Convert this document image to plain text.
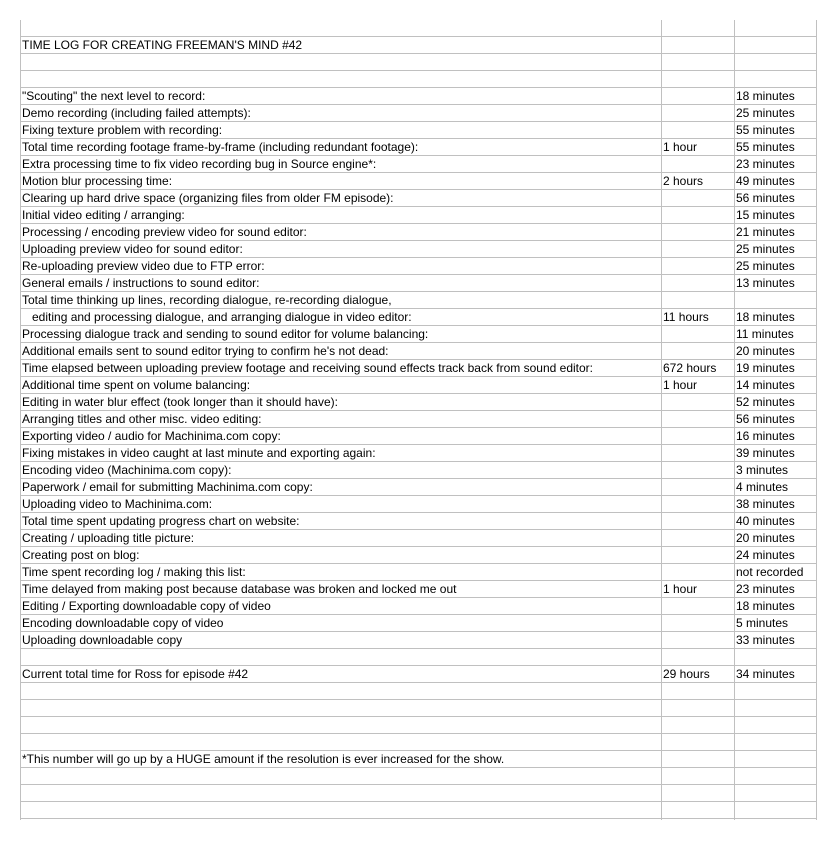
TIME LOG FOR CREATING FREEMAN'S MIND #42
"Scouting" the next level to record:	18 minutes
Demo recording (including failed attempts):	25 minutes
Fixing texture problem with recording:	55 minutes
Total time recording footage frame-by-frame (including redundant footage):	1 hour	55 minutes
Extra processing time to fix video recording bug in Source engine*:	23 minutes
Motion blur processing time:	2 hours	49 minutes
Clearing up hard drive space (organizing files from older FM episode):	56 minutes
Initial video editing / arranging:	15 minutes
Processing / encoding preview video for sound editor:	21 minutes
Uploading preview video for sound editor:	25 minutes
Re-uploading preview video due to FTP error:	25 minutes
General emails / instructions to sound editor:	13 minutes
Total time thinking up lines, recording dialogue, re-recording dialogue,
editing and processing dialogue, and arranging dialogue in video editor:	11 hours 18 minutes
Processing dialogue track and sending to sound editor for volume balancing:	11 minutes
Additional emails sent to sound editor trying to confirm he's not dead:	20 minutes
Time elapsed between uploading preview footage and receiving sound effects track back from sound editor:	672 hours 19 minutes
Additional time spent on volume balancing:	1 hour	14 minutes
Editing in water blur effect (took longer than it should have):	52 minutes
Arranging titles and other misc. video editing:	56 minutes
Exporting video / audio for Machinima.com copy:	16 minutes
Fixing mistakes in video caught at last minute and exporting again:	39 minutes
Encoding video (Machinima.com copy):	3 minutes
Paperwork / email for submitting Machinima.com copy:	4 minutes
Uploading video to Machinima.com:	38 minutes
Total time spent updating progress chart on website:	40 minutes
Creating / uploading title picture:	20 minutes
Creating post on blog:	24 minutes
Time spent recording log / making this list:	not recorded
Time delayed from making post because database was broken and locked me out	1 hour	23 minutes
Editing / Exporting downloadable copy of video	18 minutes
Encoding downloadable copy of video	5 minutes
Uploading downloadable copy	33 minutes
Current total time for Ross for episode #42	29 hours 34 minutes
*This number will go up by a HUGE amount if the resolution is ever increased for the show.
